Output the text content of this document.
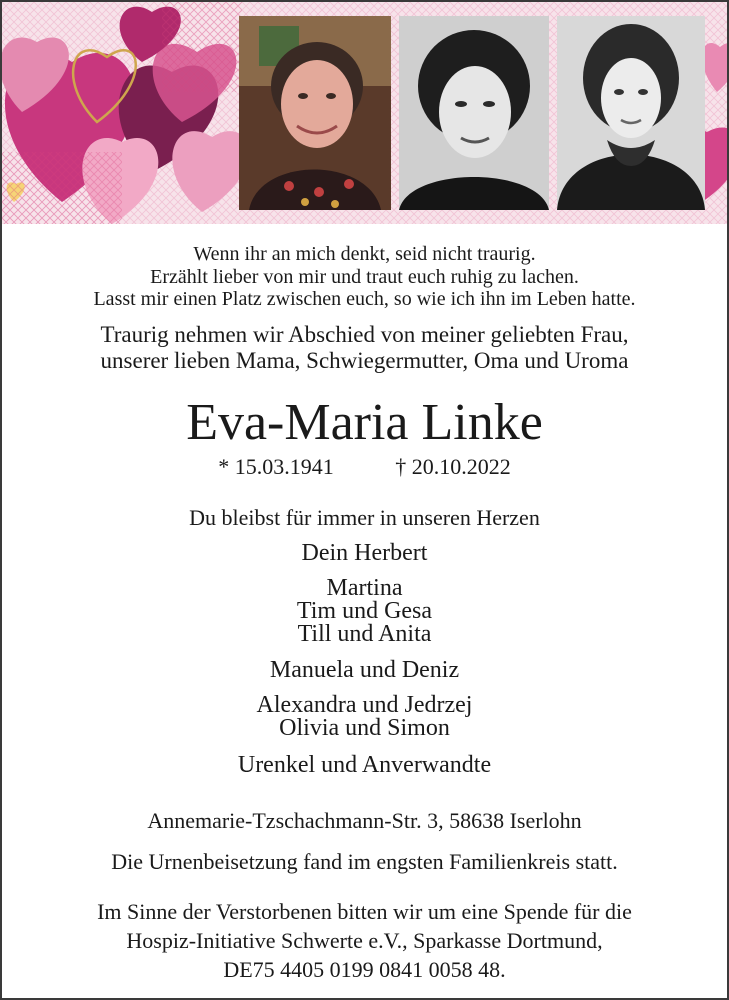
Wenn ihr an mich denkt, seid nicht traurig.
Erzählt lieber von mir und traut euch ruhig zu lachen.
Lasst mir einen Platz zwischen euch, so wie ich ihn im Leben hatte.
Traurig nehmen wir Abschied von meiner geliebten Frau,
unserer lieben Mama, Schwiegermutter, Oma und Uroma
Eva-Maria Linke
* 15.03.1941	† 20.10.2022
Du bleibst für immer in unseren Herzen
Dein Herbert
Martina
Tim und Gesa
Till und Anita
Manuela und Deniz
Alexandra und Jedrzej
Olivia und Simon
Urenkel und Anverwandte
Annemarie-Tzschachmann-Str. 3, 58638 Iserlohn
Die Urnenbeisetzung fand im engsten Familienkreis statt.
Im Sinne der Verstorbenen bitten wir um eine Spende für die
Hospiz-Initiative Schwerte e.V., Sparkasse Dortmund,
DE75 4405 0199 0841 0058 48.
